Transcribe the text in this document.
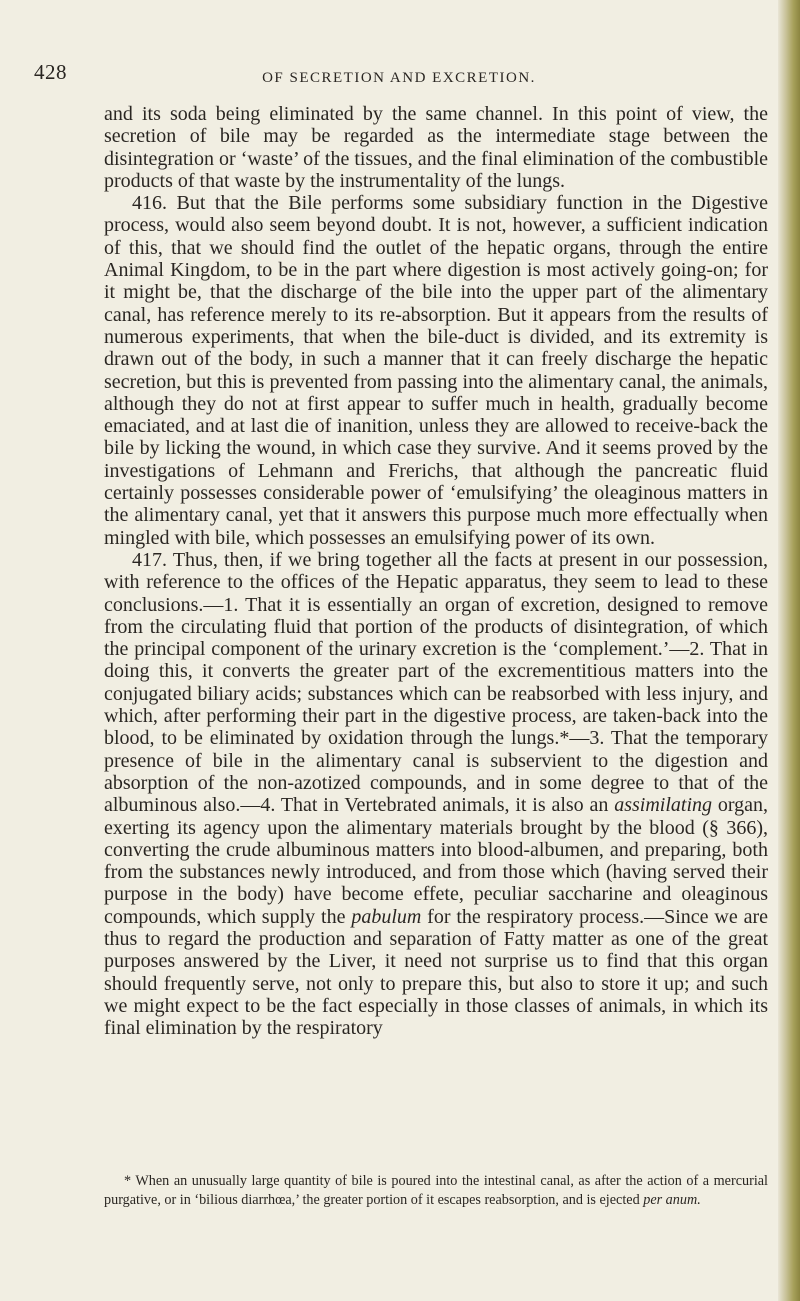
428	OF SECRETION AND EXCRETION.

and its soda being eliminated by the same channel. In this point of view, the secretion of bile may be regarded as the intermediate stage between the disintegration or ‘waste’ of the tissues, and the final elimination of the combustible products of that waste by the instrumentality of the lungs.

416. But that the Bile performs some subsidiary function in the Digestive process, would also seem beyond doubt. It is not, however, a sufficient indication of this, that we should find the outlet of the hepatic organs, through the entire Animal Kingdom, to be in the part where digestion is most actively going-on; for it might be, that the discharge of the bile into the upper part of the alimentary canal, has reference merely to its re-absorption. But it appears from the results of numerous experiments, that when the bile-duct is divided, and its extremity is drawn out of the body, in such a manner that it can freely discharge the hepatic secretion, but this is prevented from passing into the alimentary canal, the animals, although they do not at first appear to suffer much in health, gradually become emaciated, and at last die of inanition, unless they are allowed to receive-back the bile by licking the wound, in which case they survive. And it seems proved by the investigations of Lehmann and Frerichs, that although the pancreatic fluid certainly possesses considerable power of ‘emulsifying’ the oleaginous matters in the alimentary canal, yet that it answers this purpose much more effectually when mingled with bile, which possesses an emulsifying power of its own.

417. Thus, then, if we bring together all the facts at present in our possession, with reference to the offices of the Hepatic apparatus, they seem to lead to these conclusions.—1. That it is essentially an organ of excretion, designed to remove from the circulating fluid that portion of the products of disintegration, of which the principal component of the urinary excretion is the ‘complement.’—2. That in doing this, it converts the greater part of the excrementitious matters into the conjugated biliary acids; substances which can be reabsorbed with less injury, and which, after performing their part in the digestive process, are taken-back into the blood, to be eliminated by oxidation through the lungs.*—3. That the temporary presence of bile in the alimentary canal is subservient to the digestion and absorption of the non-azotized compounds, and in some degree to that of the albuminous also.—4. That in Vertebrated animals, it is also an assimilating organ, exerting its agency upon the alimentary materials brought by the blood (§ 366), converting the crude albuminous matters into blood-albumen, and preparing, both from the substances newly introduced, and from those which (having served their purpose in the body) have become effete, peculiar saccharine and oleaginous compounds, which supply the pabulum for the respiratory process.—Since we are thus to regard the production and separation of Fatty matter as one of the great purposes answered by the Liver, it need not surprise us to find that this organ should frequently serve, not only to prepare this, but also to store it up; and such we might expect to be the fact especially in those classes of animals, in which its final elimination by the respiratory

* When an unusually large quantity of bile is poured into the intestinal canal, as after the action of a mercurial purgative, or in ‘bilious diarrhœa,’ the greater portion of it escapes reabsorption, and is ejected per anum.
